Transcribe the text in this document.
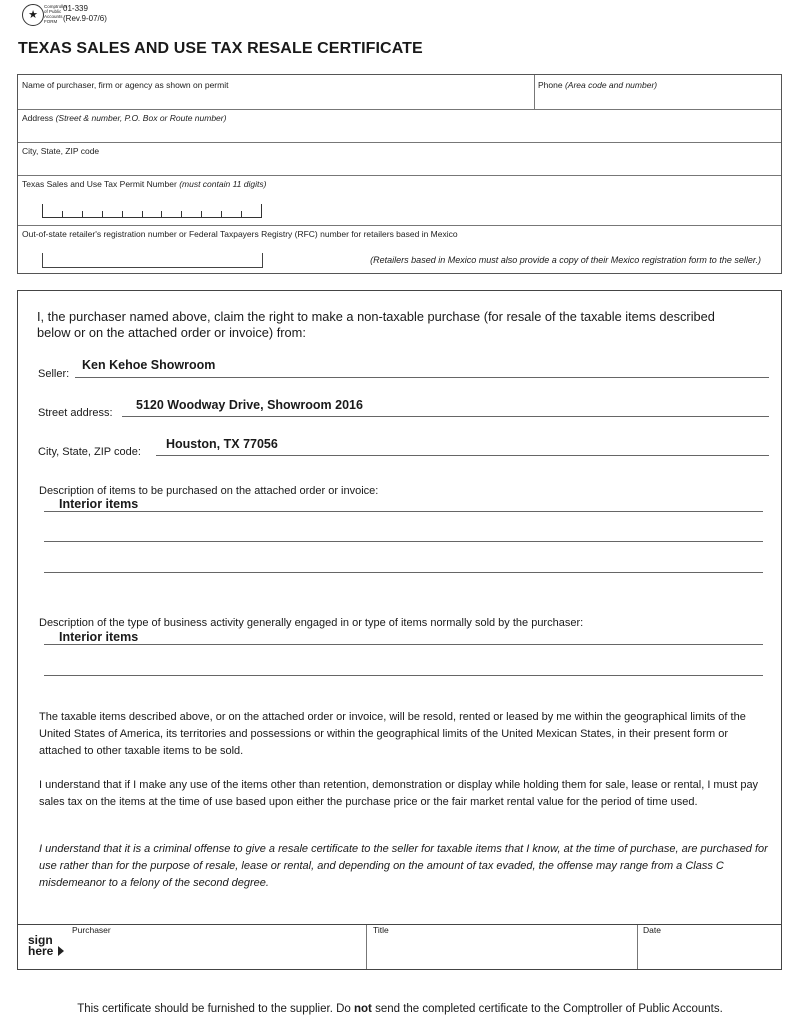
★
Comptroller of Public Accounts FORM
01-339
(Rev.9-07/6)
TEXAS SALES AND USE TAX RESALE CERTIFICATE
Name of purchaser, firm or agency as shown on permit	Phone (Area code and number)
Address (Street & number, P.O. Box or Route number)
City, State, ZIP code
Texas Sales and Use Tax Permit Number (must contain 11 digits)
Out-of-state retailer's registration number or Federal Taxpayers Registry (RFC) number for retailers based in Mexico
(Retailers based in Mexico must also provide a copy of their Mexico registration form to the seller.)
I, the purchaser named above, claim the right to make a non-taxable purchase (for resale of the taxable items described below or on the attached order or invoice) from:
Seller:
Ken Kehoe Showroom
Street address:
5120 Woodway Drive, Showroom 2016
City, State, ZIP code:
Houston, TX 77056
Description of items to be purchased on the attached order or invoice:
Interior items
Description of the type of business activity generally engaged in or type of items normally sold by the purchaser:
Interior items
The taxable items described above, or on the attached order or invoice, will be resold, rented or leased by me within the geographical limits of the United States of America, its territories and possessions or within the geographical limits of the United Mexican States, in their present form or attached to other taxable items to be sold.
I understand that if I make any use of the items other than retention, demonstration or display while holding them for sale, lease or rental, I must pay sales tax on the items at the time of use based upon either the purchase price or the fair market rental value for the period of time used.
I understand that it is a criminal offense to give a resale certificate to the seller for taxable items that I know, at the time of purchase, are purchased for use rather than for the purpose of resale, lease or rental, and depending on the amount of tax evaded, the offense may range from a Class C misdemeanor to a felony of the second degree.
sign
here
Purchaser	Title	Date
This certificate should be furnished to the supplier. Do not send the completed certificate to the Comptroller of Public Accounts.
